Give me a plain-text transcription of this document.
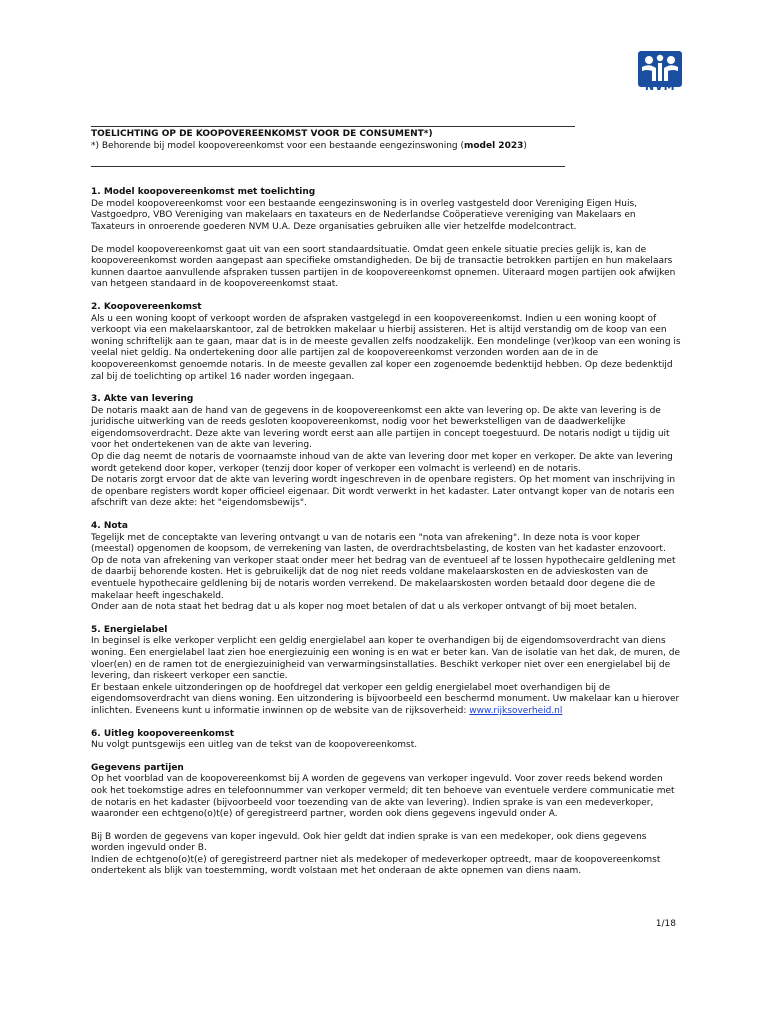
NVM

TOELICHTING OP DE KOOPOVEREENKOMST VOOR DE CONSUMENT*)

*) Behorende bij model koopovereenkomst voor een bestaande eengezinswoning (model 2023)

1. Model koopovereenkomst met toelichting

De model koopovereenkomst voor een bestaande eengezinswoning is in overleg vastgesteld door Vereniging Eigen Huis, Vastgoedpro, VBO Vereniging van makelaars en taxateurs en de Nederlandse Coöperatieve vereniging van Makelaars en Taxateurs in onroerende goederen NVM U.A. Deze organisaties gebruiken alle vier hetzelfde modelcontract.

De model koopovereenkomst gaat uit van een soort standaardsituatie. Omdat geen enkele situatie precies gelijk is, kan de koopovereenkomst worden aangepast aan specifieke omstandigheden. De bij de transactie betrokken partijen en hun makelaars kunnen daartoe aanvullende afspraken tussen partijen in de koopovereenkomst opnemen. Uiteraard mogen partijen ook afwijken van hetgeen standaard in de koopovereenkomst staat.

2. Koopovereenkomst

Als u een woning koopt of verkoopt worden de afspraken vastgelegd in een koopovereenkomst. Indien u een woning koopt of verkoopt via een makelaarskantoor, zal de betrokken makelaar u hierbij assisteren. Het is altijd verstandig om de koop van een woning schriftelijk aan te gaan, maar dat is in de meeste gevallen zelfs noodzakelijk. Een mondelinge (ver)koop van een woning is veelal niet geldig. Na ondertekening door alle partijen zal de koopovereenkomst verzonden worden aan de in de koopovereenkomst genoemde notaris. In de meeste gevallen zal koper een zogenoemde bedenktijd hebben. Op deze bedenktijd zal bij de toelichting op artikel 16 nader worden ingegaan.

3. Akte van levering

De notaris maakt aan de hand van de gegevens in de koopovereenkomst een akte van levering op. De akte van levering is de juridische uitwerking van de reeds gesloten koopovereenkomst, nodig voor het bewerkstelligen van de daadwerkelijke eigendomsoverdracht. Deze akte van levering wordt eerst aan alle partijen in concept toegestuurd. De notaris nodigt u tijdig uit voor het ondertekenen van de akte van levering.

Op die dag neemt de notaris de voornaamste inhoud van de akte van levering door met koper en verkoper. De akte van levering wordt getekend door koper, verkoper (tenzij door koper of verkoper een volmacht is verleend) en de notaris.

De notaris zorgt ervoor dat de akte van levering wordt ingeschreven in de openbare registers. Op het moment van inschrijving in de openbare registers wordt koper officieel eigenaar. Dit wordt verwerkt in het kadaster. Later ontvangt koper van de notaris een afschrift van deze akte: het "eigendomsbewijs".

4. Nota

Tegelijk met de conceptakte van levering ontvangt u van de notaris een "nota van afrekening". In deze nota is voor koper (meestal) opgenomen de koopsom, de verrekening van lasten, de overdrachtsbelasting, de kosten van het kadaster enzovoort. Op de nota van afrekening van verkoper staat onder meer het bedrag van de eventueel af te lossen hypothecaire geldlening met de daarbij behorende kosten. Het is gebruikelijk dat de nog niet reeds voldane makelaarskosten en de advieskosten van de eventuele hypothecaire geldlening bij de notaris worden verrekend. De makelaarskosten worden betaald door degene die de makelaar heeft ingeschakeld.

Onder aan de nota staat het bedrag dat u als koper nog moet betalen of dat u als verkoper ontvangt of bij moet betalen.

5. Energielabel

In beginsel is elke verkoper verplicht een geldig energielabel aan koper te overhandigen bij de eigendomsoverdracht van diens woning. Een energielabel laat zien hoe energiezuinig een woning is en wat er beter kan. Van de isolatie van het dak, de muren, de vloer(en) en de ramen tot de energiezuinigheid van verwarmingsinstallaties. Beschikt verkoper niet over een energielabel bij de levering, dan riskeert verkoper een sanctie.

Er bestaan enkele uitzonderingen op de hoofdregel dat verkoper een geldig energielabel moet overhandigen bij de eigendomsoverdracht van diens woning. Een uitzondering is bijvoorbeeld een beschermd monument. Uw makelaar kan u hierover inlichten. Eveneens kunt u informatie inwinnen op de website van de rijksoverheid: www.rijksoverheid.nl

6. Uitleg koopovereenkomst

Nu volgt puntsgewijs een uitleg van de tekst van de koopovereenkomst.

Gegevens partijen

Op het voorblad van de koopovereenkomst bij A worden de gegevens van verkoper ingevuld. Voor zover reeds bekend worden ook het toekomstige adres en telefoonnummer van verkoper vermeld; dit ten behoeve van eventuele verdere communicatie met de notaris en het kadaster (bijvoorbeeld voor toezending van de akte van levering). Indien sprake is van een medeverkoper, waaronder een echtgeno(o)t(e) of geregistreerd partner, worden ook diens gegevens ingevuld onder A.

Bij B worden de gegevens van koper ingevuld. Ook hier geldt dat indien sprake is van een medekoper, ook diens gegevens worden ingevuld onder B.

Indien de echtgeno(o)t(e) of geregistreerd partner niet als medekoper of medeverkoper optreedt, maar de koopovereenkomst ondertekent als blijk van toestemming, wordt volstaan met het onderaan de akte opnemen van diens naam.

1/18
